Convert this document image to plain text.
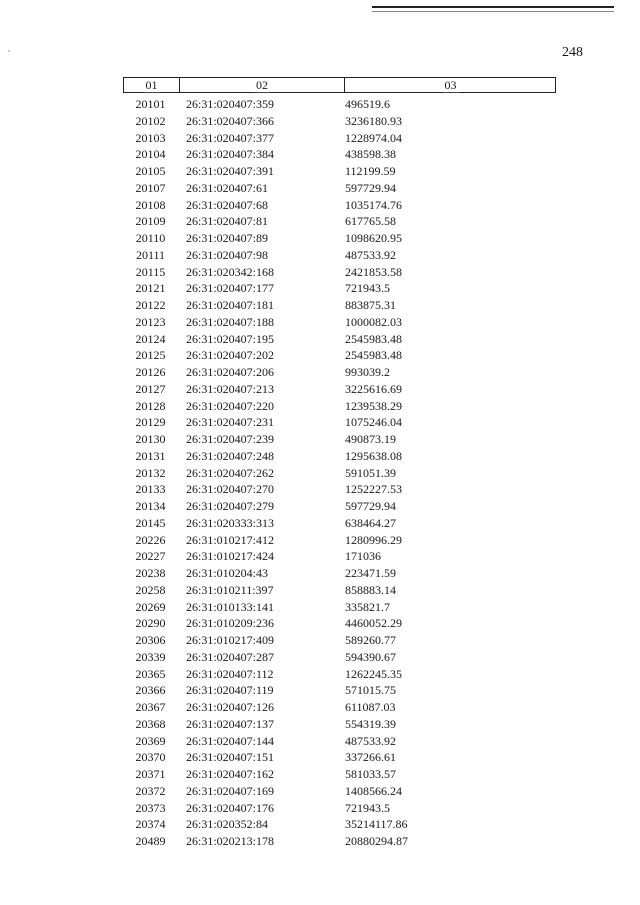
248
01	02	03
20101	26:31:020407:359	496519.6
20102	26:31:020407:366	3236180.93
20103	26:31:020407:377	1228974.04
20104	26:31:020407:384	438598.38
20105	26:31:020407:391	112199.59
20107	26:31:020407:61	597729.94
20108	26:31:020407:68	1035174.76
20109	26:31:020407:81	617765.58
20110	26:31:020407:89	1098620.95
20111	26:31:020407:98	487533.92
20115	26:31:020342:168	2421853.58
20121	26:31:020407:177	721943.5
20122	26:31:020407:181	883875.31
20123	26:31:020407:188	1000082.03
20124	26:31:020407:195	2545983.48
20125	26:31:020407:202	2545983.48
20126	26:31:020407:206	993039.2
20127	26:31:020407:213	3225616.69
20128	26:31:020407:220	1239538.29
20129	26:31:020407:231	1075246.04
20130	26:31:020407:239	490873.19
20131	26:31:020407:248	1295638.08
20132	26:31:020407:262	591051.39
20133	26:31:020407:270	1252227.53
20134	26:31:020407:279	597729.94
20145	26:31:020333:313	638464.27
20226	26:31:010217:412	1280996.29
20227	26:31:010217:424	171036
20238	26:31:010204:43	223471.59
20258	26:31:010211:397	858883.14
20269	26:31:010133:141	335821.7
20290	26:31:010209:236	4460052.29
20306	26:31:010217:409	589260.77
20339	26:31:020407:287	594390.67
20365	26:31:020407:112	1262245.35
20366	26:31:020407:119	571015.75
20367	26:31:020407:126	611087.03
20368	26:31:020407:137	554319.39
20369	26:31:020407:144	487533.92
20370	26:31:020407:151	337266.61
20371	26:31:020407:162	581033.57
20372	26:31:020407:169	1408566.24
20373	26:31:020407:176	721943.5
20374	26:31:020352:84	35214117.86
20489	26:31:020213:178	20880294.87
